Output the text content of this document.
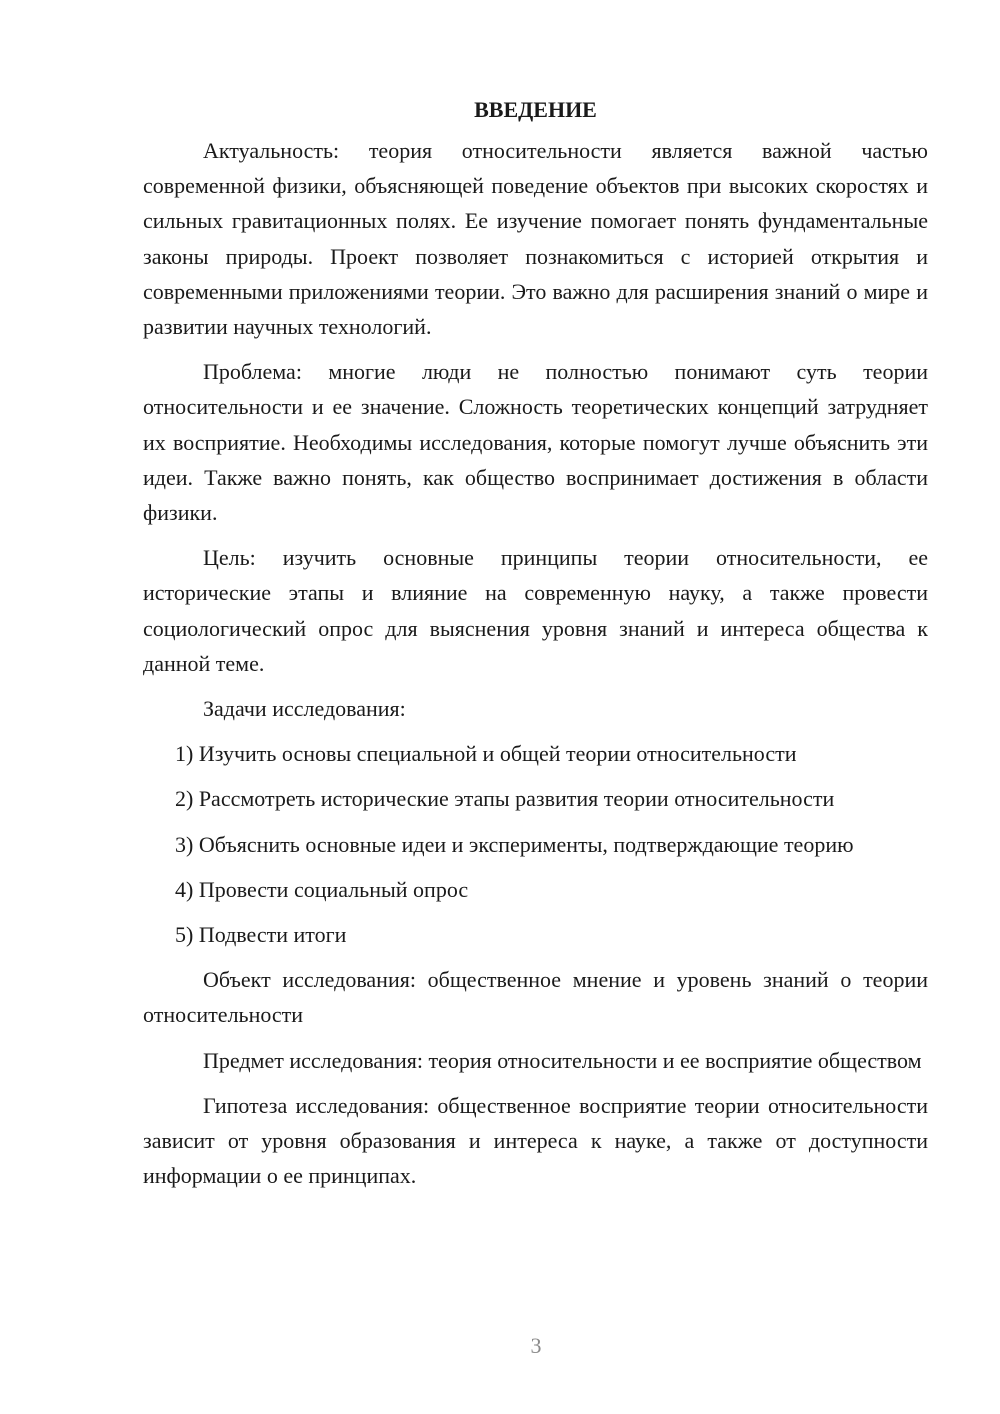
ВВЕДЕНИЕ

Актуальность: теория относительности является важной частью современной физики, объясняющей поведение объектов при высоких скоростях и сильных гравитационных полях. Ее изучение помогает понять фундаментальные законы природы. Проект позволяет познакомиться с историей открытия и современными приложениями теории. Это важно для расширения знаний о мире и развитии научных технологий.

Проблема: многие люди не полностью понимают суть теории относительности и ее значение. Сложность теоретических концепций затрудняет их восприятие. Необходимы исследования, которые помогут лучше объяснить эти идеи. Также важно понять, как общество воспринимает достижения в области физики.

Цель: изучить основные принципы теории относительности, ее исторические этапы и влияние на современную науку, а также провести социологический опрос для выяснения уровня знаний и интереса общества к данной теме.

Задачи исследования:

1) Изучить основы специальной и общей теории относительности

2) Рассмотреть исторические этапы развития теории относительности

3) Объяснить основные идеи и эксперименты, подтверждающие теорию

4) Провести социальный опрос

5) Подвести итоги

Объект исследования: общественное мнение и уровень знаний о теории относительности

Предмет исследования: теория относительности и ее восприятие обществом

Гипотеза исследования: общественное восприятие теории относительности зависит от уровня образования и интереса к науке, а также от доступности информации о ее принципах.

3
